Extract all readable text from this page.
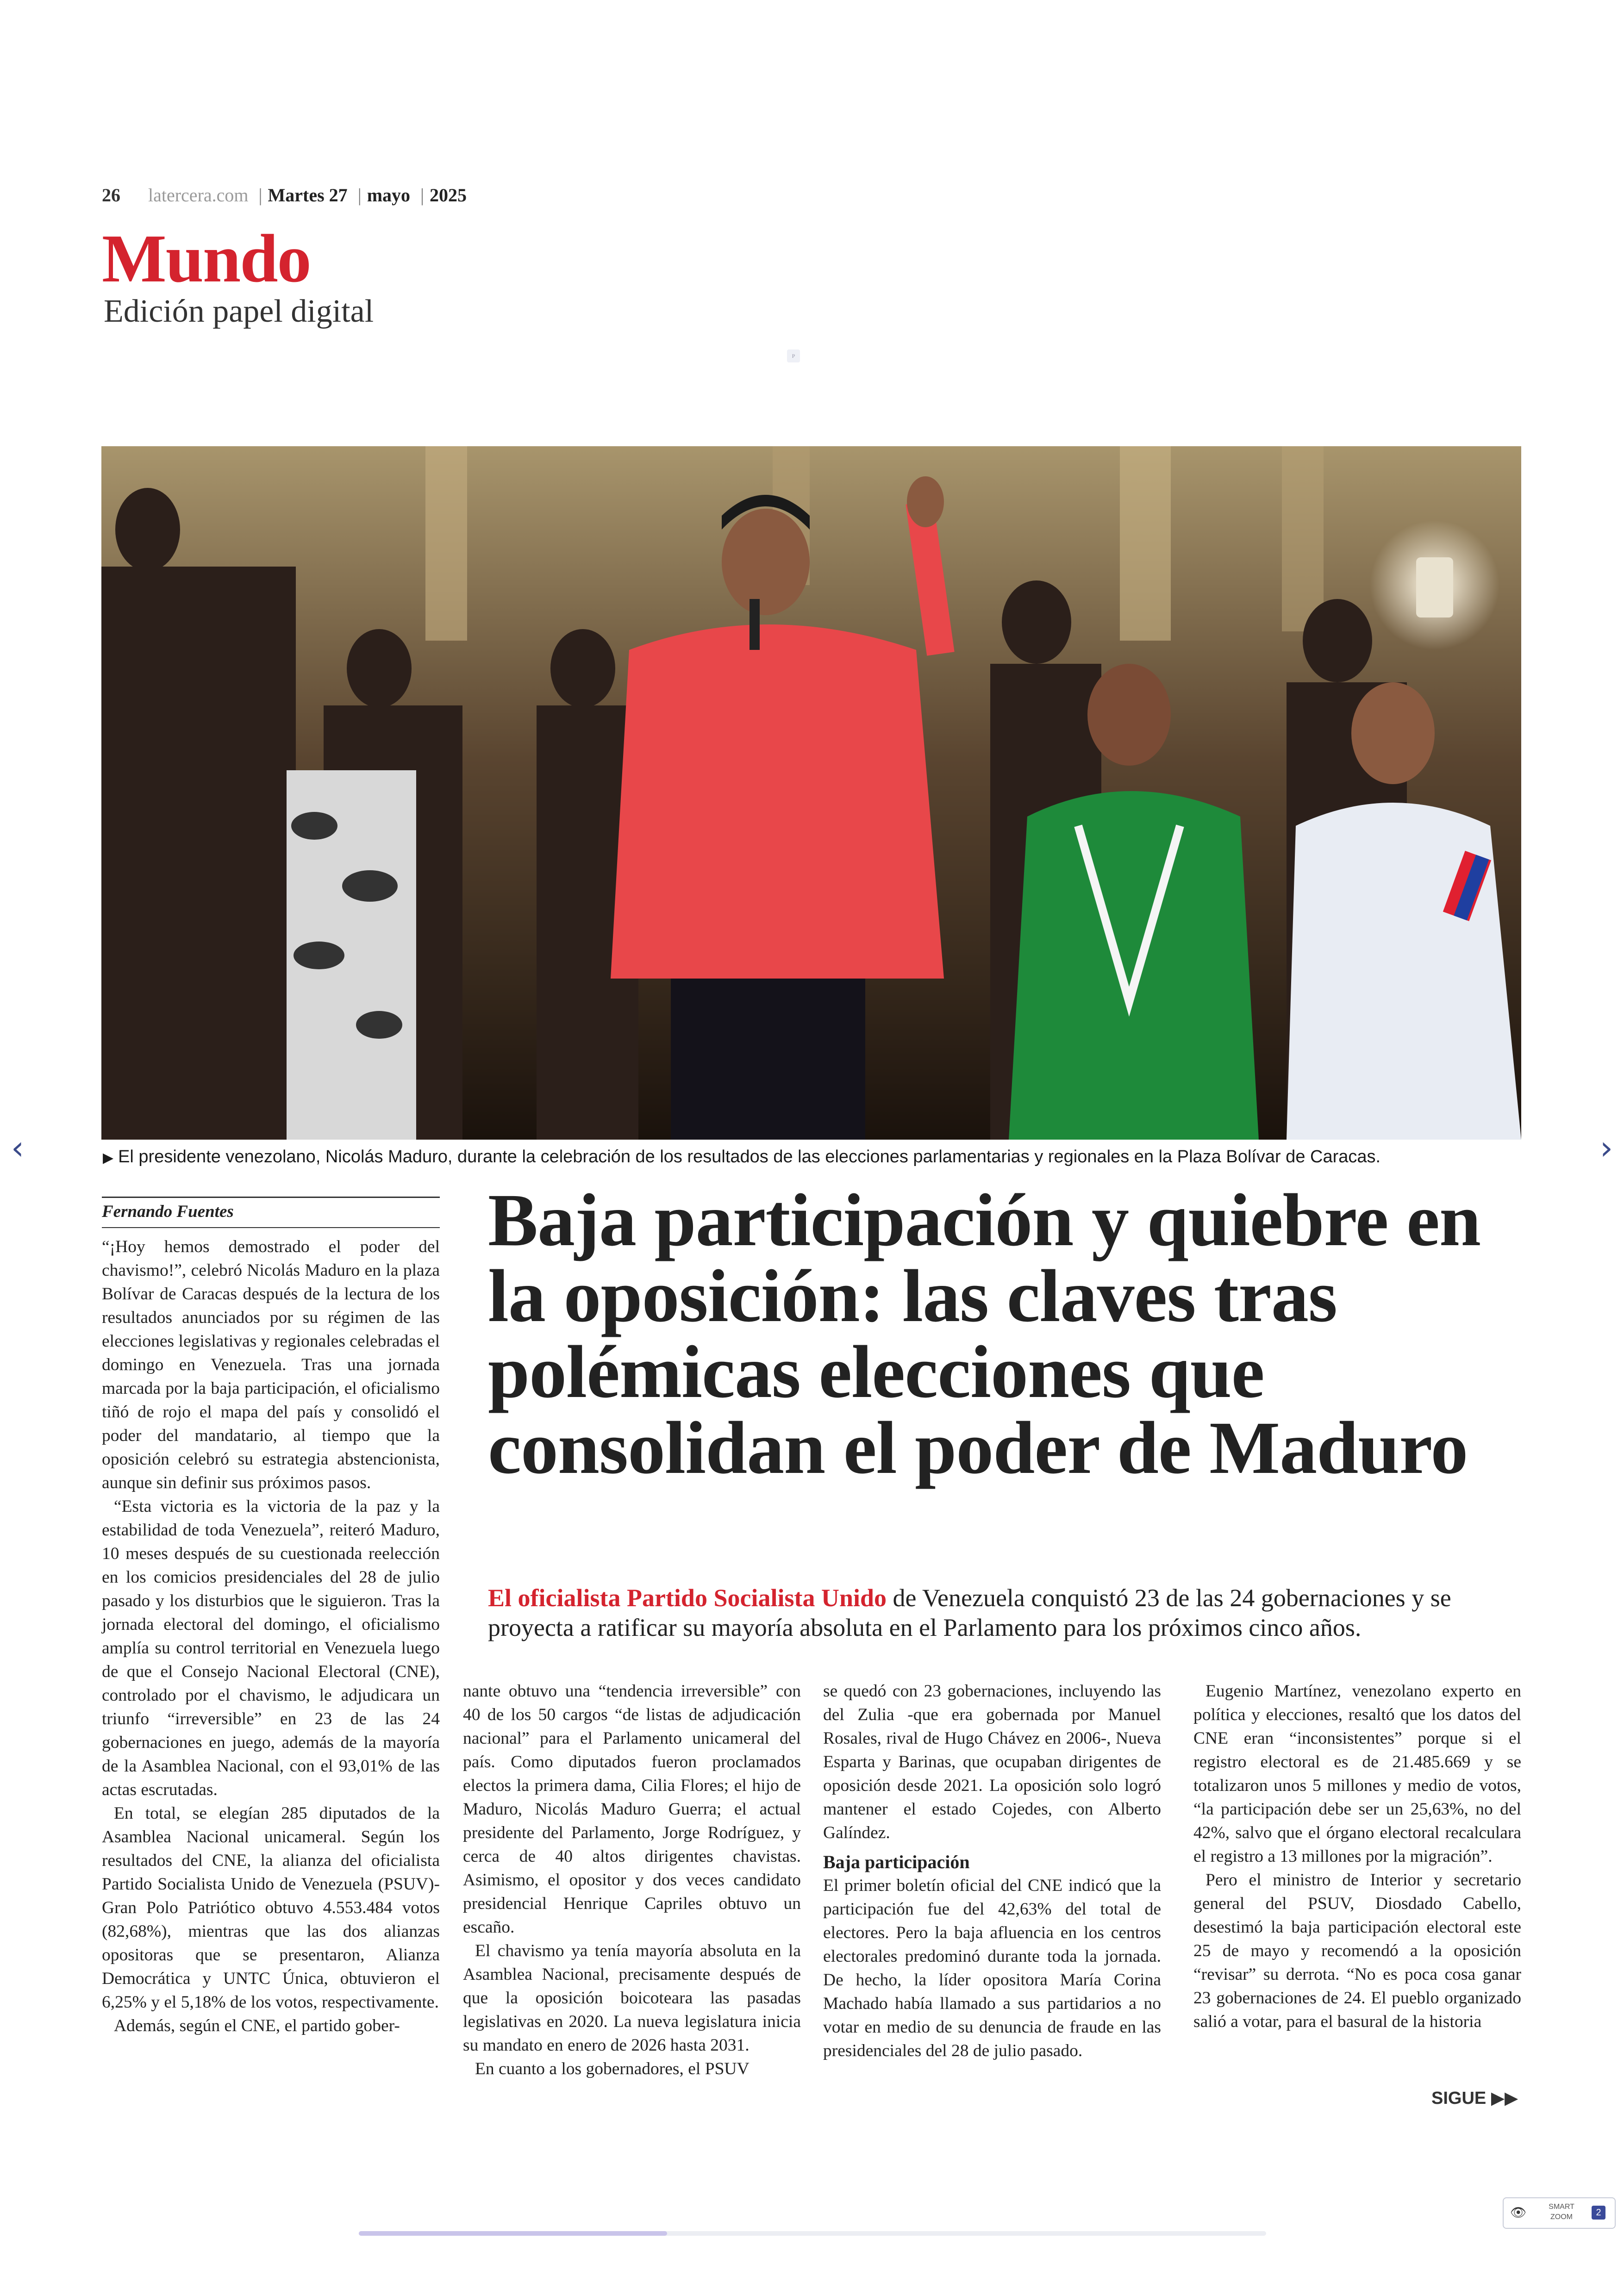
26 latercera.com | Martes 27 | mayo | 2025
Mundo
Edición papel digital
P
▶ El presidente venezolano, Nicolás Maduro, durante la celebración de los resultados de las elecciones parlamentarias y regionales en la Plaza Bolívar de Caracas.
‹	›
Fernando Fuentes	Baja participación y quiebre en la oposición: las claves tras polémicas elecciones que consolidan el poder de Maduro
El oficialista Partido Socialista Unido de Venezuela conquistó 23 de las 24 gobernaciones y se proyecta a ratificar su mayoría absoluta en el Parlamento para los próximos cinco años.

“¡Hoy hemos demostrado el poder del chavismo!”, celebró Nicolás Maduro en la plaza Bolívar de Caracas después de la lectura de los resultados anunciados por su régimen de las elecciones legislativas y regionales celebradas el domingo en Venezuela. Tras una jornada marcada por la baja participación, el oficialismo tiñó de rojo el mapa del país y consolidó el poder del mandatario, al tiempo que la oposición celebró su estrategia abstencionista, aunque sin definir sus próximos pasos.

“Esta victoria es la victoria de la paz y la estabilidad de toda Venezuela”, reiteró Maduro, 10 meses después de su cuestionada reelección en los comicios presidenciales del 28 de julio pasado y los disturbios que le siguieron. Tras la jornada electoral del domingo, el oficialismo amplía su control territorial en Venezuela luego de que el Consejo Nacional Electoral (CNE), controlado por el chavismo, le adjudicara un triunfo “irreversible” en 23 de las 24 gobernaciones en juego, además de la mayoría de la Asamblea Nacional, con el 93,01% de las actas escrutadas.

En total, se elegían 285 diputados de la Asamblea Nacional unicameral. Según los resultados del CNE, la alianza del oficialista Partido Socialista Unido de Venezuela (PSUV)-Gran Polo Patriótico obtuvo 4.553.484 votos (82,68%), mientras que las dos alianzas opositoras que se presentaron, Alianza Democrática y UNTC Única, obtuvieron el 6,25% y el 5,18% de los votos, respectivamente.

Además, según el CNE, el partido gober-

nante obtuvo una “tendencia irreversible” con 40 de los 50 cargos “de listas de adjudicación nacional” para el Parlamento unicameral del país. Como diputados fueron proclamados electos la primera dama, Cilia Flores; el hijo de Maduro, Nicolás Maduro Guerra; el actual presidente del Parlamento, Jorge Rodríguez, y cerca de 40 altos dirigentes chavistas. Asimismo, el opositor y dos veces candidato presidencial Henrique Capriles obtuvo un escaño.

El chavismo ya tenía mayoría absoluta en la Asamblea Nacional, precisamente después de que la oposición boicoteara las pasadas legislativas en 2020. La nueva legislatura inicia su mandato en enero de 2026 hasta 2031.

En cuanto a los gobernadores, el PSUV

se quedó con 23 gobernaciones, incluyendo las del Zulia -que era gobernada por Manuel Rosales, rival de Hugo Chávez en 2006-, Nueva Esparta y Barinas, que ocupaban dirigentes de oposición desde 2021. La oposición solo logró mantener el estado Cojedes, con Alberto Galíndez.

Baja participación

El primer boletín oficial del CNE indicó que la participación fue del 42,63% del total de electores. Pero la baja afluencia en los centros electorales predominó durante toda la jornada. De hecho, la líder opositora María Corina Machado había llamado a sus partidarios a no votar en medio de su denuncia de fraude en las presidenciales del 28 de julio pasado.

Eugenio Martínez, venezolano experto en política y elecciones, resaltó que los datos del CNE eran “inconsistentes” porque si el registro electoral es de 21.485.669 y se totalizaron unos 5 millones y medio de votos, “la participación debe ser un 25,63%, no del 42%, salvo que el órgano electoral recalculara el registro a 13 millones por la migración”.

Pero el ministro de Interior y secretario general del PSUV, Diosdado Cabello, desestimó la baja participación electoral este 25 de mayo y recomendó a la oposición “revisar” su derrota. “No es poca cosa ganar 23 gobernaciones de 24. El pueblo organizado salió a votar, para el basural de la historia

SIGUE ▶▶
👁	SMART
ZOOM	2
